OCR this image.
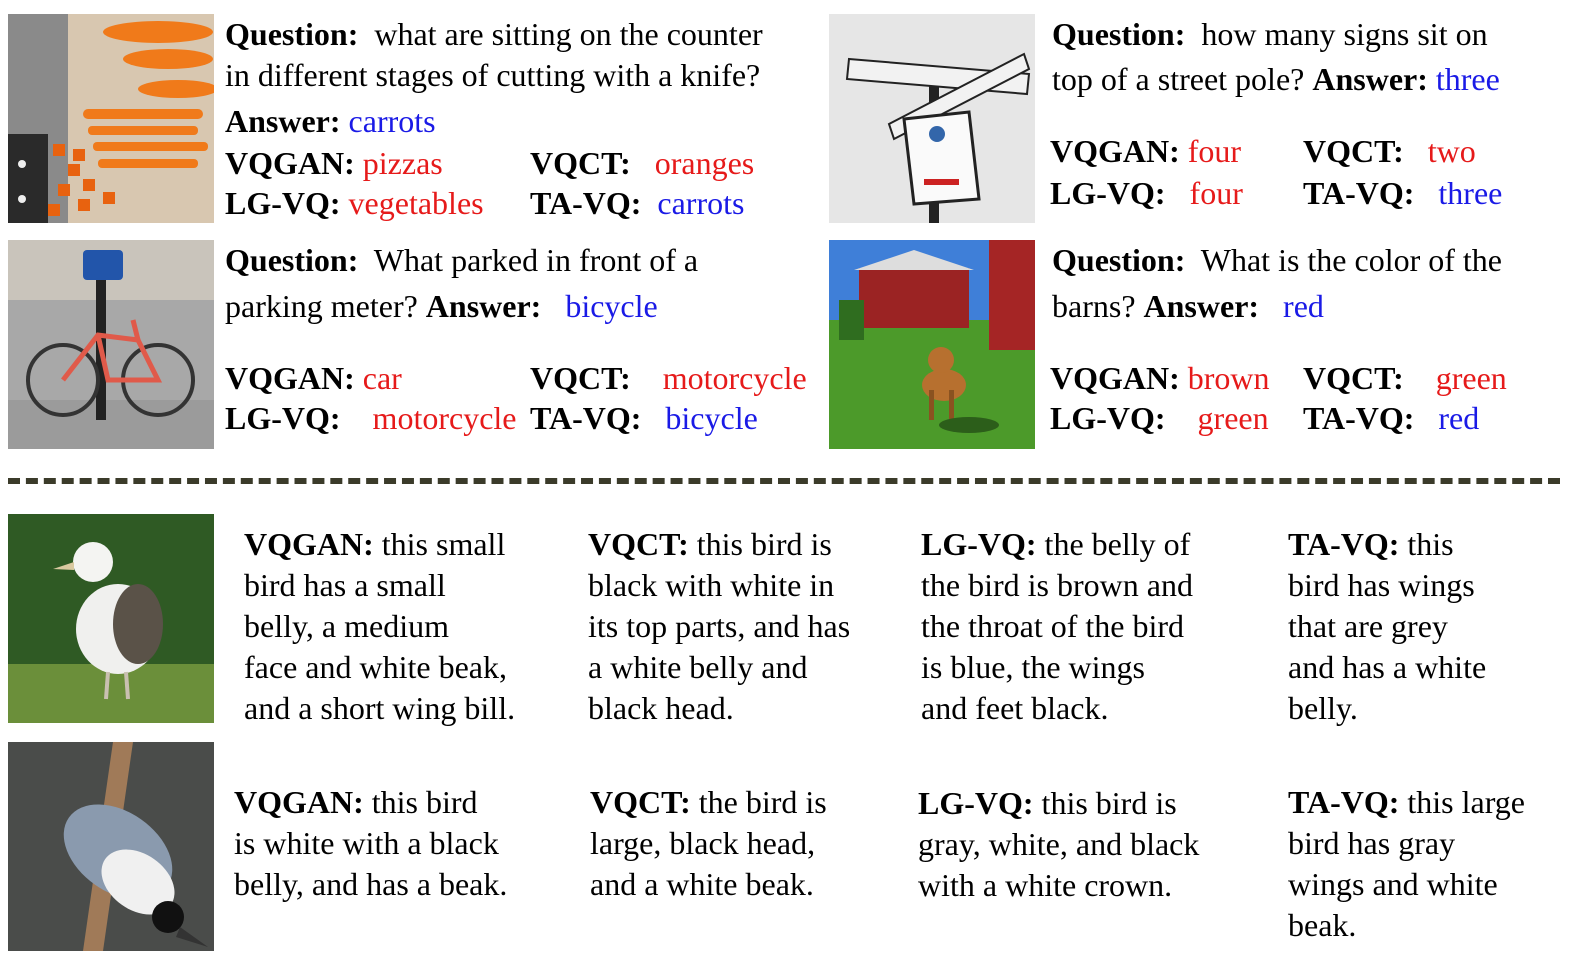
Question: what are sitting on the counter
in different stages of cutting with a knife?
Answer: carrots
VQGAN: pizzas	VQCT: oranges
LG-VQ: vegetables TA-VQ: carrots
Question: how many signs sit on
top of a street pole? Answer: three
VQGAN: four VQCT: two
LG-VQ: four TA-VQ: three
Question: What parked in front of a
parking meter? Answer: bicycle
VQGAN: car	VQCT: motorcycle
LG-VQ: motorcycle TA-VQ: bicycle
Question: What is the color of the
barns? Answer: red
VQGAN: brown VQCT: green
LG-VQ: green TA-VQ: red
VQGAN: this small
bird has a small
belly, a medium
face and white beak,
and a short wing bill.
VQCT: this bird is
black with white in
its top parts, and has
a white belly and
black head.
LG-VQ: the belly of
the bird is brown and
the throat of the bird
is blue, the wings
and feet black.
TA-VQ: this
bird has wings
that are grey
and has a white
belly.
VQGAN: this bird
is white with a black
belly, and has a beak.
VQCT: the bird is
large, black head,
and a white beak.
LG-VQ: this bird is
gray, white, and black
with a white crown.
TA-VQ: this large
bird has gray
wings and white
beak.
